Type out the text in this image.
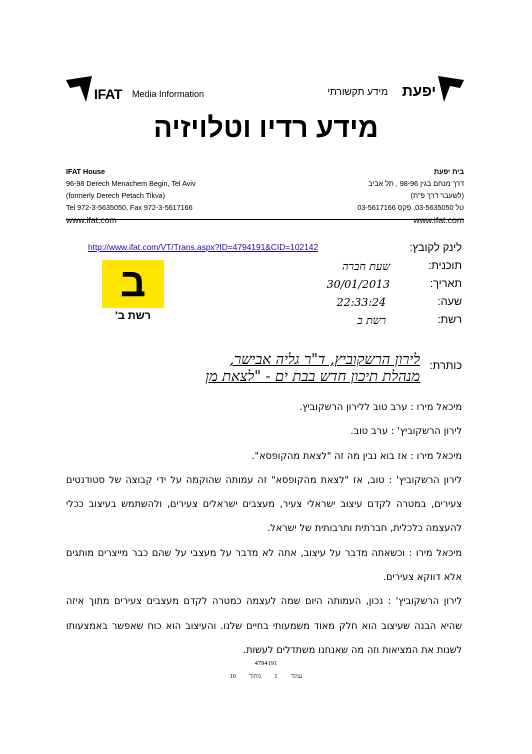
IFAT Media Information	יפעת
מידע תקשורתי
מידע רדיו וטלויזיה
IFAT House
96-98 Derech Menachem Begin, Tel Aviv
(formerly Derech Petach Tikva)
Tel 972-3-5635050, Fax 972-3-5617166
www.ifat.com
בית יפעת
דרך מנחם בגין 98-96 , תל אביב
(לשעבר דרך פ"ת)
טל 03-5635050, פקס 03-5617166
www.ifat.com
http://www.ifat.com/VT/Trans.aspx?ID=4794191&CID=102142	לינק לקובץ:
תוכנית:
שעת חברה
תאריך:
30/01/2013
שעה:
22:33:24
רשת:
רשת ב
ב
רשת ב'
כותרת:
לירון הרשקוביץ, ד"ר גליה אבישר,
מנהלת תיכון חדש בבת ים - "לצאת מן

מיכאל מירו : ערב טוב ללירון הרשקוביץ.

לירון הרשקוביץ' : ערב טוב.

מיכאל מירו : אז בוא נבין מה זה "לצאת מהקופסא".

לירון הרשקוביץ' : טוב, אז "לצאת מהקופסא" זה עמותה שהוקמה על ידי קבוצה של סטודנטים צעירים, במטרה לקדם עיצוב ישראלי צעיר, מעצבים ישראלים צעירים, ולהשתמש בעיצוב ככלי להעצמה כלכלית, חברתית ותרבותית של ישראל.

מיכאל מירו : וכשאתה מדבר על עיצוב, אתה לא מדבר על מעצבי על שהם כבר מייצרים מותגים אלא דווקא צעירים.

לירון הרשקוביץ' : נכון, העמותה היום שמה לעצמה כמטרה לקדם מעצבים צעירים מתוך איזה שהיא הבנה שעיצוב הוא חלק מאוד משמעותי בחיים שלנו. והעיצוב הוא כוח שאפשר באמצעותו לשנות את המציאות וזה מה שאנחנו משתדלים לעשות.

4794191
עמוד 1 מתוך 10
